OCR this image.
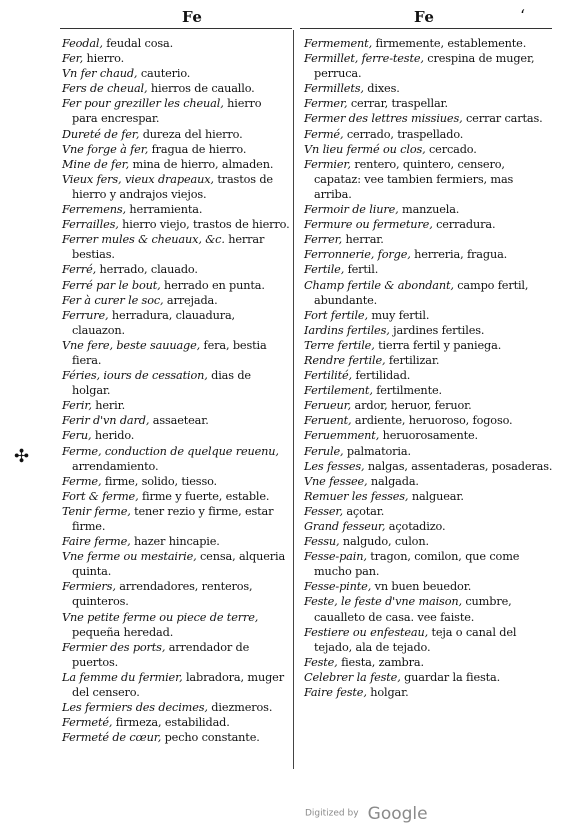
Fe	Fe	‘
✣

Feodal, feudal cosa.

Fer, hierro.

Vn fer chaud, cauterio.

Fers de cheual, hierros de cauallo.

Fer pour greziller les cheual, hierro para encrespar.

Dureté de fer, dureza del hierro.

Vne forge à fer, fragua de hierro.

Mine de fer, mina de hierro, almaden.

Vieux fers, vieux drapeaux, trastos de hierro y andrajos viejos.

Ferremens, herramienta.

Ferrailles, hierro viejo, trastos de hierro.

Ferrer mules & cheuaux, &c. herrar bestias.

Ferré, herrado, clauado.

Ferré par le bout, herrado en punta.

Fer à curer le soc, arrejada.

Ferrure, herradura, clauadura, clauazon.

Vne fere, beste sauuage, fera, bestia fiera.

Féries, iours de cessation, dias de holgar.

Ferir, herir.

Ferir d'vn dard, assaetear.

Feru, herido.

Ferme, conduction de quelque reuenu, arrendamiento.

Ferme, firme, solido, tiesso.

Fort & ferme, firme y fuerte, estable.

Tenir ferme, tener rezio y firme, estar firme.

Faire ferme, hazer hincapie.

Vne ferme ou mestairie, censa, alqueria quinta.

Fermiers, arrendadores, renteros, quinteros.

Vne petite ferme ou piece de terre, pequeña heredad.

Fermier des ports, arrendador de puertos.

La femme du fermier, labradora, muger del censero.

Les fermiers des decimes, diezmeros.

Fermeté, firmeza, estabilidad.

Fermeté de cœur, pecho constante.

Fermement, firmemente, establemente.

Fermillet, ferre-teste, crespina de muger, perruca.

Fermillets, dixes.

Fermer, cerrar, traspellar.

Fermer des lettres missiues, cerrar cartas.

Fermé, cerrado, traspellado.

Vn lieu fermé ou clos, cercado.

Fermier, rentero, quintero, censero, capataz: vee tambien fermiers, mas arriba.

Fermoir de liure, manzuela.

Fermure ou fermeture, cerradura.

Ferrer, herrar.

Ferronnerie, forge, herreria, fragua.

Fertile, fertil.

Champ fertile & abondant, campo fertil, abundante.

Fort fertile, muy fertil.

Iardins fertiles, jardines fertiles.

Terre fertile, tierra fertil y paniega.

Rendre fertile, fertilizar.

Fertilité, fertilidad.

Fertilement, fertilmente.

Ferueur, ardor, heruor, feruor.

Feruent, ardiente, heruoroso, fogoso.

Feruemment, heruorosamente.

Ferule, palmatoria.

Les fesses, nalgas, assentaderas, posaderas.

Vne fessee, nalgada.

Remuer les fesses, nalguear.

Fesser, açotar.

Grand fesseur, açotadizo.

Fessu, nalgudo, culon.

Fesse-pain, tragon, comilon, que come mucho pan.

Fesse-pinte, vn buen beuedor.

Feste, le feste d'vne maison, cumbre, caualleto de casa. vee faiste.

Festiere ou enfesteau, teja o canal del tejado, ala de tejado.

Feste, fiesta, zambra.

Celebrer la feste, guardar la fiesta.

Faire feste, holgar.

Digitized by Google
